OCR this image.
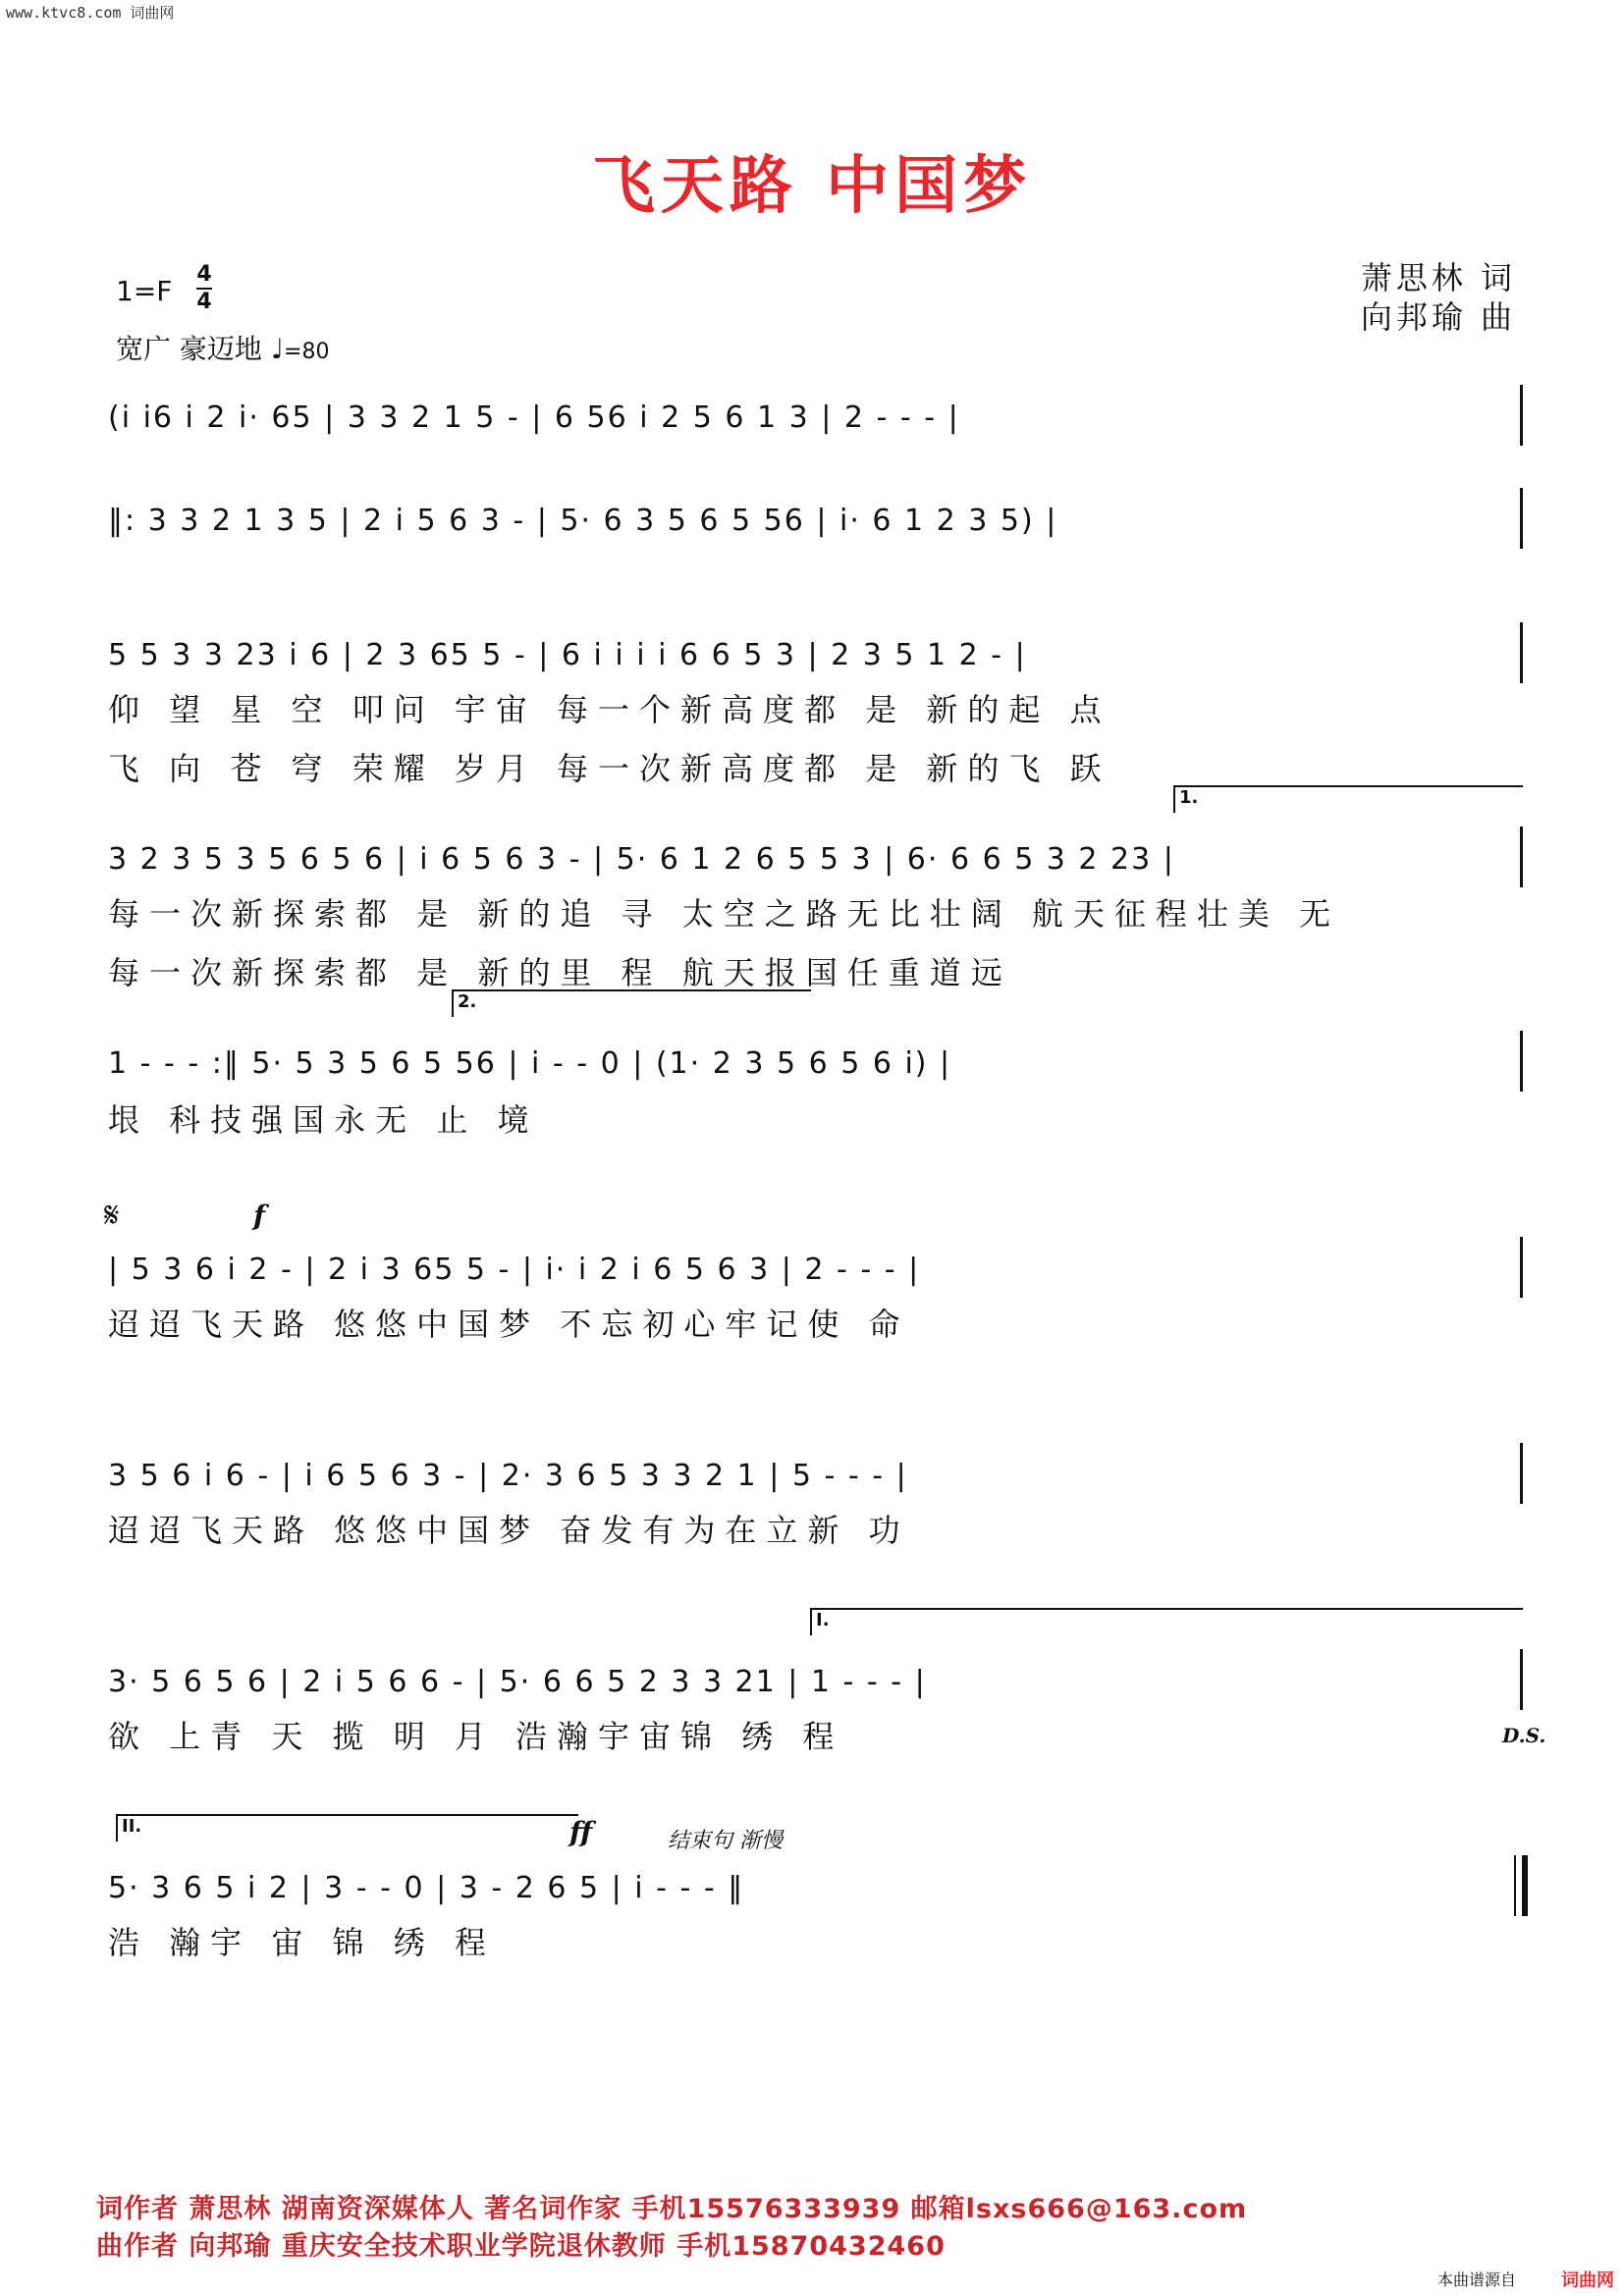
www.ktvc8.com 词曲网
飞天路 中国梦
萧思林 词
向邦瑜 曲
1=F
4
4
宽广 豪迈地 ♩=80
(i i6 i 2 i· 65 | 3 3 2 1 5 - | 6 56 i 2 5 6 1 3 | 2 - - - |
‖: 3 3 2 1 3 5 | 2 i 5 6 3 - | 5· 6 3 5 6 5 56 | i· 6 1 2 3 5) |
5 5 3 3 23 i 6 | 2 3 65 5 - | 6 i i i i 6 6 5 3 | 2 3 5 1 2 - |
仰 望 星 空 叩问 宇宙 每一个新高度都 是 新的起 点
飞 向 苍 穹 荣耀 岁月 每一次新高度都 是 新的飞 跃
1.
3 2 3 5 3 5 6 5 6 | i 6 5 6 3 - | 5· 6 1 2 6 5 5 3 | 6· 6 6 5 3 2 23 |
每一次新探索都 是 新的追 寻 太空之路无比壮阔 航天征程壮美 无
每一次新探索都 是 新的里 程 航天报国任重道远
2.
1 - - - :‖ 5· 5 3 5 6 5 56 | i - - 0 | (1· 2 3 5 6 5 6 i) |
垠 科技强国永无 止 境
𝄋	f
| 5 3 6 i 2 - | 2 i 3 65 5 - | i· i 2 i 6 5 6 3 | 2 - - - |
迢迢飞天路 悠悠中国梦 不忘初心牢记使 命
3 5 6 i 6 - | i 6 5 6 3 - | 2· 3 6 5 3 3 2 1 | 5 - - - |
迢迢飞天路 悠悠中国梦 奋发有为在立新 功
I.
3· 5 6 5 6 | 2 i 5 6 6 - | 5· 6 6 5 2 3 3 21 | 1 - - - |
欲 上青 天 揽 明 月 浩瀚宇宙锦 绣 程	D.S.
ff	结束句 渐慢
II.
5· 3 6 5 i 2 | 3 - - 0 | 3 - 2 6 5 | i - - - ‖
浩 瀚宇 宙 锦 绣 程
词作者 萧思林 湖南资深媒体人 著名词作家 手机15576333939 邮箱lsxs666@163.com
曲作者 向邦瑜 重庆安全技术职业学院退休教师 手机15870432460
本曲谱源自	词曲网
